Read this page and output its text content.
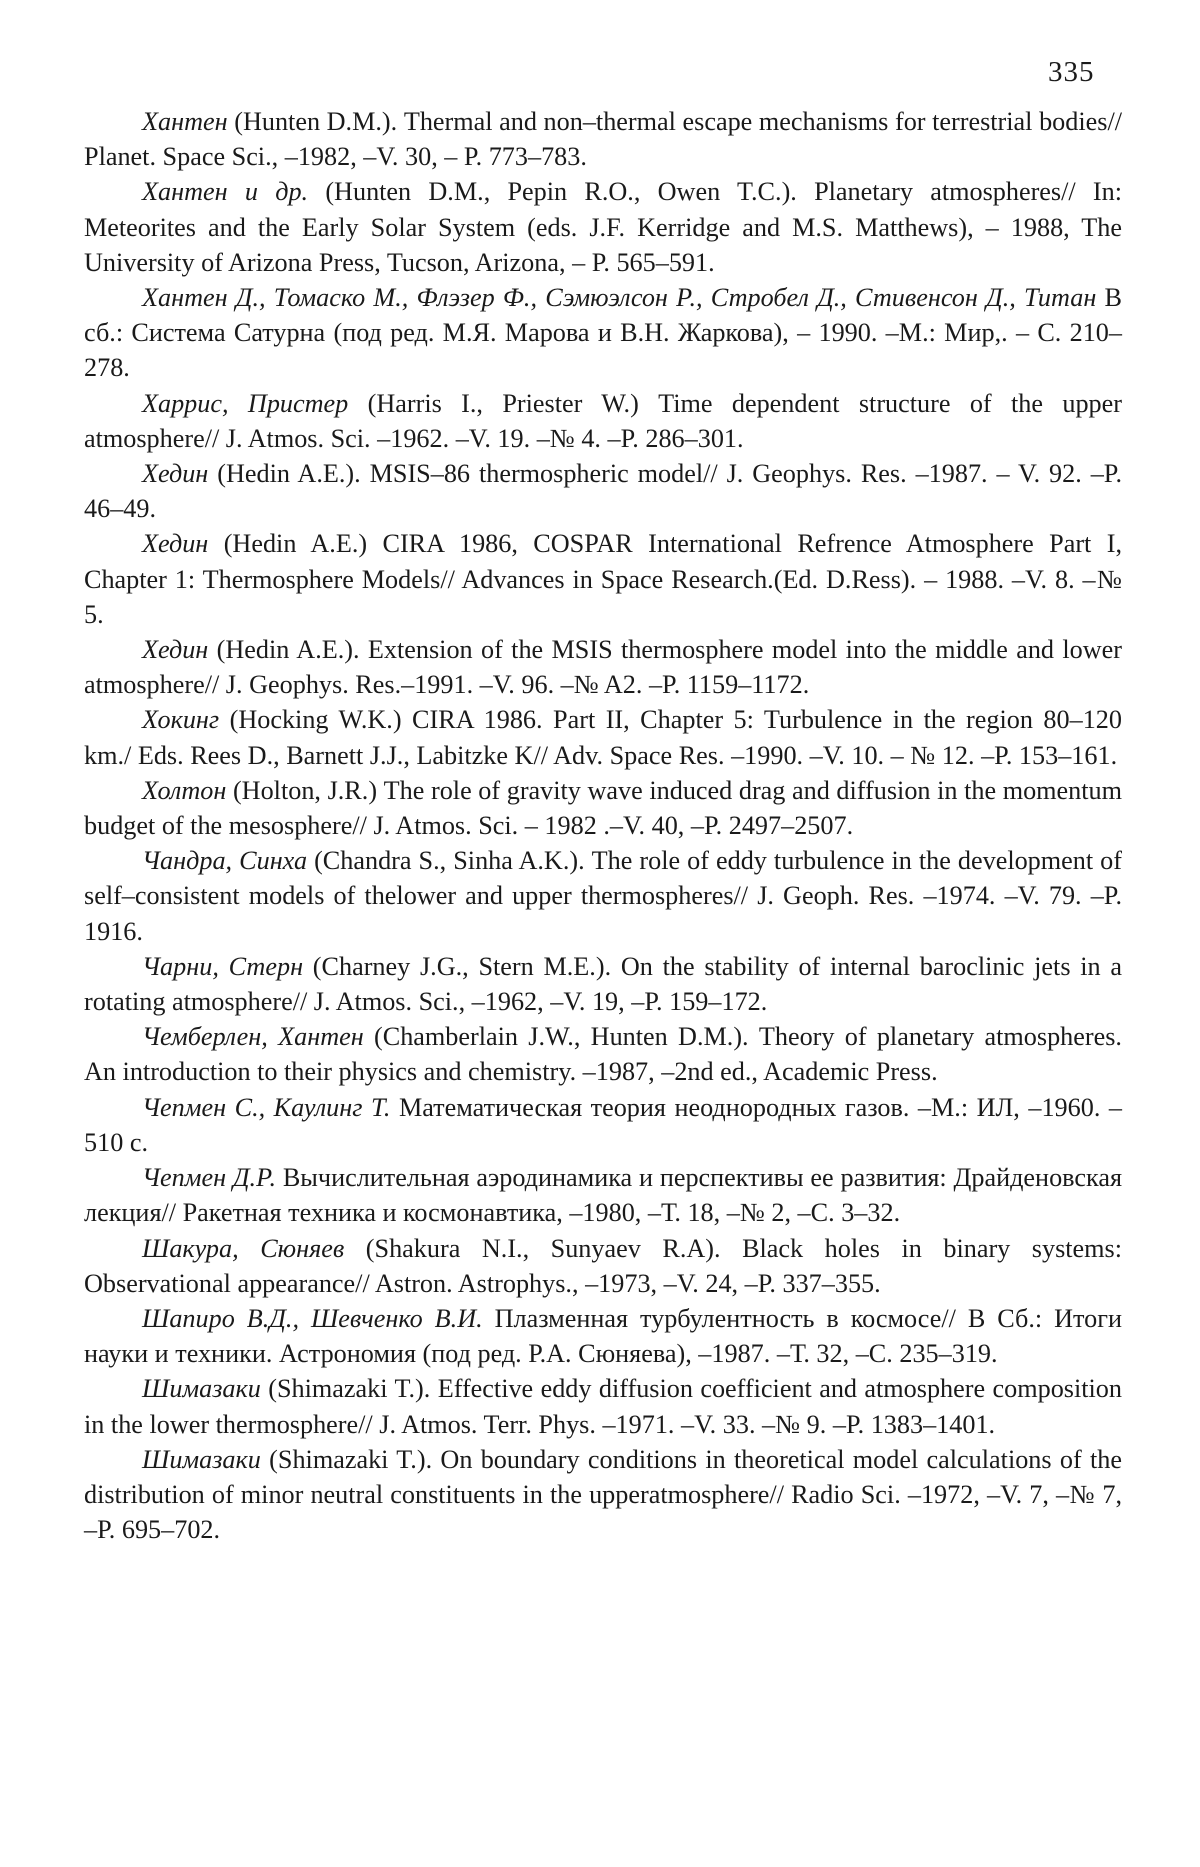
335

Хантен (Hunten D.M.). Thermal and non–thermal escape mechanisms for terrestrial bodies// Planet. Space Sci., –1982, –V. 30, – P. 773–783.

Хантен и др. (Hunten D.M., Pepin R.O., Owen T.C.). Planetary atmospheres// In: Meteorites and the Early Solar System (eds. J.F. Kerridge and M.S. Matthews), – 1988, The University of Arizona Press, Tucson, Arizona, – P. 565–591.

Хантен Д., Томаско М., Флэзер Ф., Сэмюэлсон Р., Стробел Д., Стивенсон Д., Титан В сб.: Система Сатурна (под ред. М.Я. Марова и В.Н. Жаркова), – 1990. –М.: Мир,. – С. 210–278.

Харрис, Пристер (Harris I., Priester W.) Time dependent structure of the upper atmosphere// J. Atmos. Sci. –1962. –V. 19. –№ 4. –P. 286–301.

Хедин (Hedin A.E.). MSIS–86 thermospheric model// J. Geophys. Res. –1987. – V. 92. –P. 46–49.

Хедин (Hedin A.E.) CIRA 1986, COSPAR International Refrence Atmosphere Part I, Chapter 1: Thermosphere Models// Advances in Space Research.(Ed. D.Ress). – 1988. –V. 8. –№ 5.

Хедин (Hedin A.E.). Extension of the MSIS thermosphere model into the middle and lower atmosphere// J. Geophys. Res.–1991. –V. 96. –№ A2. –P. 1159–1172.

Хокинг (Hocking W.K.) CIRA 1986. Part II, Chapter 5: Turbulence in the region 80–120 km./ Eds. Rees D., Barnett J.J., Labitzke K// Adv. Space Res. –1990. –V. 10. – № 12. –P. 153–161.

Холтон (Holton, J.R.) The role of gravity wave induced drag and diffusion in the momentum budget of the mesosphere// J. Atmos. Sci. – 1982 .–V. 40, –P. 2497–2507.

Чандра, Синха (Chandra S., Sinha A.K.). The role of eddy turbulence in the development of self–consistent models of thelower and upper thermospheres// J. Geoph. Res. –1974. –V. 79. –P. 1916.

Чарни, Стерн (Charney J.G., Stern M.E.). On the stability of internal baroclinic jets in a rotating atmosphere// J. Atmos. Sci., –1962, –V. 19, –P. 159–172.

Чемберлен, Хантен (Chamberlain J.W., Hunten D.M.). Theory of planetary atmospheres. An introduction to their physics and chemistry. –1987, –2nd ed., Academic Press.

Чепмен С., Каулинг Т. Математическая теория неоднородных газов. –М.: ИЛ, –1960. –510 с.

Чепмен Д.Р. Вычислительная аэродинамика и перспективы ее развития: Драйденовская лекция// Ракетная техника и космонавтика, –1980, –Т. 18, –№ 2, –С. 3–32.

Шакура, Сюняев (Shakura N.I., Sunyaev R.A). Black holes in binary systems: Observational appearance// Astron. Astrophys., –1973, –V. 24, –P. 337–355.

Шапиро В.Д., Шевченко В.И. Плазменная турбулентность в космосе// В Сб.: Итоги науки и техники. Астрономия (под ред. Р.А. Сюняева), –1987. –Т. 32, –С. 235–319.

Шимазаки (Shimazaki T.). Effective eddy diffusion coefficient and atmosphere composition in the lower thermosphere// J. Atmos. Terr. Phys. –1971. –V. 33. –№ 9. –P. 1383–1401.

Шимазаки (Shimazaki T.). On boundary conditions in theoretical model calculations of the distribution of minor neutral constituents in the upperatmosphere// Radio Sci. –1972, –V. 7, –№ 7, –P. 695–702.
